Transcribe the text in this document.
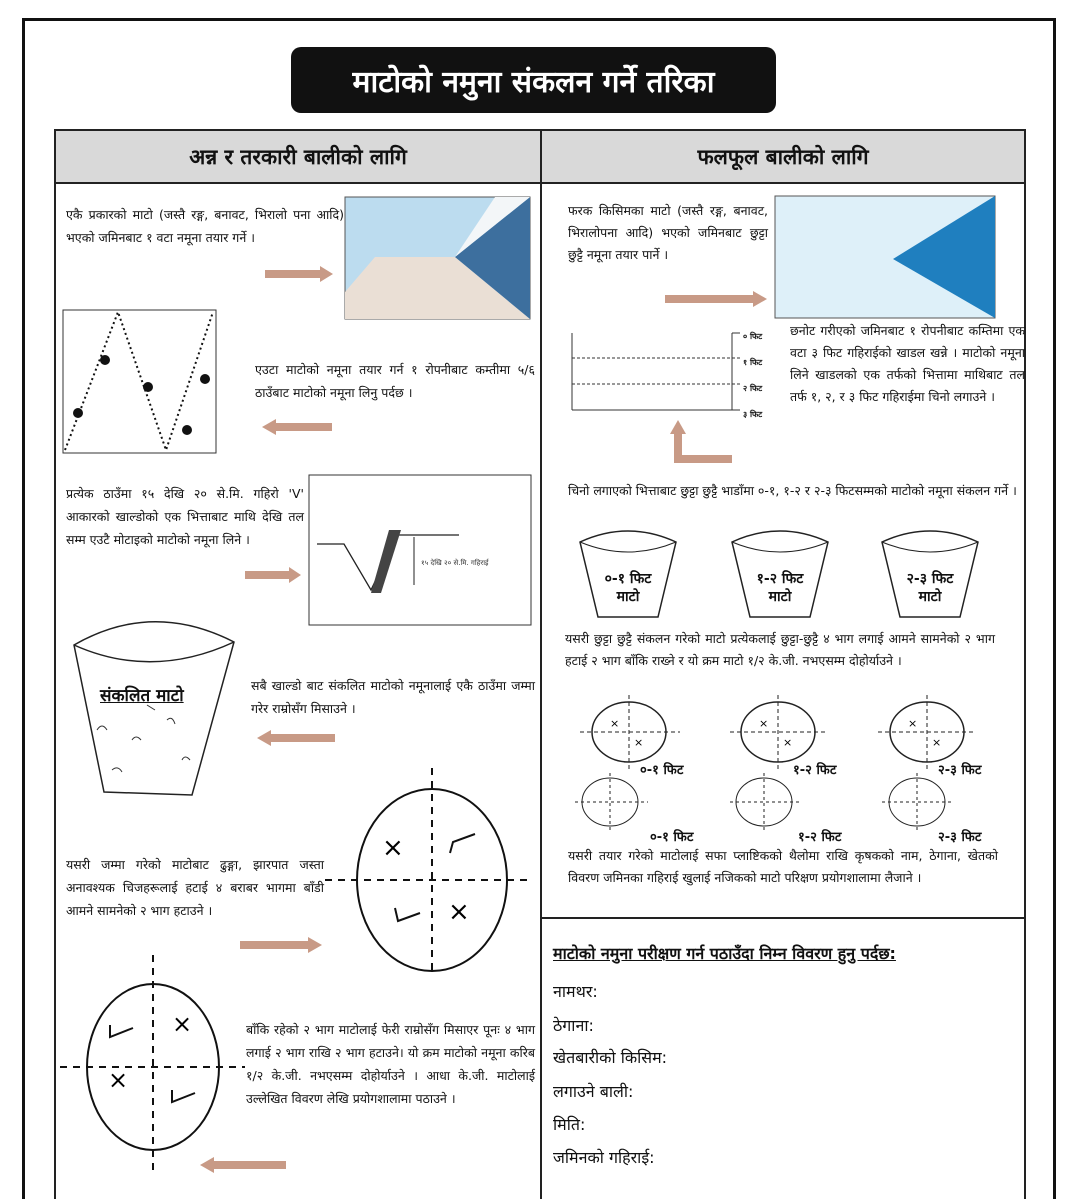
माटोको नमुना संकलन गर्ने तरिका
अन्न र तरकारी बालीको लागि	फलफूल बालीको लागि
एकै प्रकारको माटो (जस्तै रङ्ग, बनावट, भिरालो पना आदि) भएको जमिनबाट १ वटा नमूना तयार गर्ने ।
एउटा माटोको नमूना तयार गर्न १ रोपनीबाट कम्तीमा ५/६ ठाउँबाट माटोको नमूना लिनु पर्दछ ।
प्रत्येक ठाउँमा १५ देखि २० से.मि. गहिरो 'V' आकारको खाल्डोको एक भित्ताबाट माथि देखि तल सम्म एउटै मोटाइको माटोको नमूना लिने ।
१५ देखि २० से.मि. गहिराई
संकलित माटो
सबै खाल्डो बाट संकलित माटोको नमूनालाई एकै ठाउँमा जम्मा गरेर राम्रोसँग मिसाउने ।
×
×
यसरी जम्मा गरेको माटोबाट ढुङ्गा, झारपात जस्ता अनावश्यक चिजहरूलाई हटाई ४ बराबर भागमा बाँडी आमने सामनेको २ भाग हटाउने ।
×
×
बाँकि रहेको २ भाग माटोलाई फेरी राम्रोसँग मिसाएर पूनः ४ भाग लगाई २ भाग राखि २ भाग हटाउने। यो क्रम माटोको नमूना करिब १/२ के.जी. नभएसम्म दोहोर्याउने । आधा के.जी. माटोलाई उल्लेखित विवरण लेखि प्रयोगशालामा पठाउने ।
फरक किसिमका माटो (जस्तै रङ्ग, बनावट, भिरालोपना आदि) भएको जमिनबाट छुट्टा छुट्टै नमूना तयार पार्ने ।
० फिट
१ फिट
२ फिट
३ फिट
छनोट गरीएको जमिनबाट १ रोपनीबाट कम्तिमा एक वटा ३ फिट गहिराईको खाडल खन्ने । माटोको नमूना लिने खाडलको एक तर्फको भित्तामा माथिबाट तल तर्फ १, २, र ३ फिट गहिराईमा चिनो लगाउने ।
चिनो लगाएको भित्ताबाट छुट्टा छुट्टै भाडाँमा ०-१, १-२ र २-३ फिटसम्मको माटोको नमूना संकलन गर्ने ।
०-१ फिट माटो
१-२ फिट माटो
२-३ फिट माटो
यसरी छुट्टा छुट्टै संकलन गरेको माटो प्रत्येकलाई छुट्टा-छुट्टै ४ भाग लगाई आमने सामनेको २ भाग हटाई २ भाग बाँकि राख्ने र यो क्रम माटो १/२ के.जी. नभएसम्म दोहोर्याउने ।
×
×
×
×
×
×
०-१ फिट	१-२ फिट	२-३ फिट
०-१ फिट	१-२ फिट	२-३ फिट
यसरी तयार गरेको माटोलाई सफा प्लाष्टिकको थैलोमा राखि कृषकको नाम, ठेगाना, खेतको विवरण जमिनका गहिराई खुलाई नजिकको माटो परिक्षण प्रयोगशालामा लैजाने ।
माटोको नमुना परीक्षण गर्न पठाउँदा निम्न विवरण हुनु पर्दछ:
नामथर:
ठेगाना:
खेतबारीको किसिम:
लगाउने बाली:
मिति:
जमिनको गहिराई:
